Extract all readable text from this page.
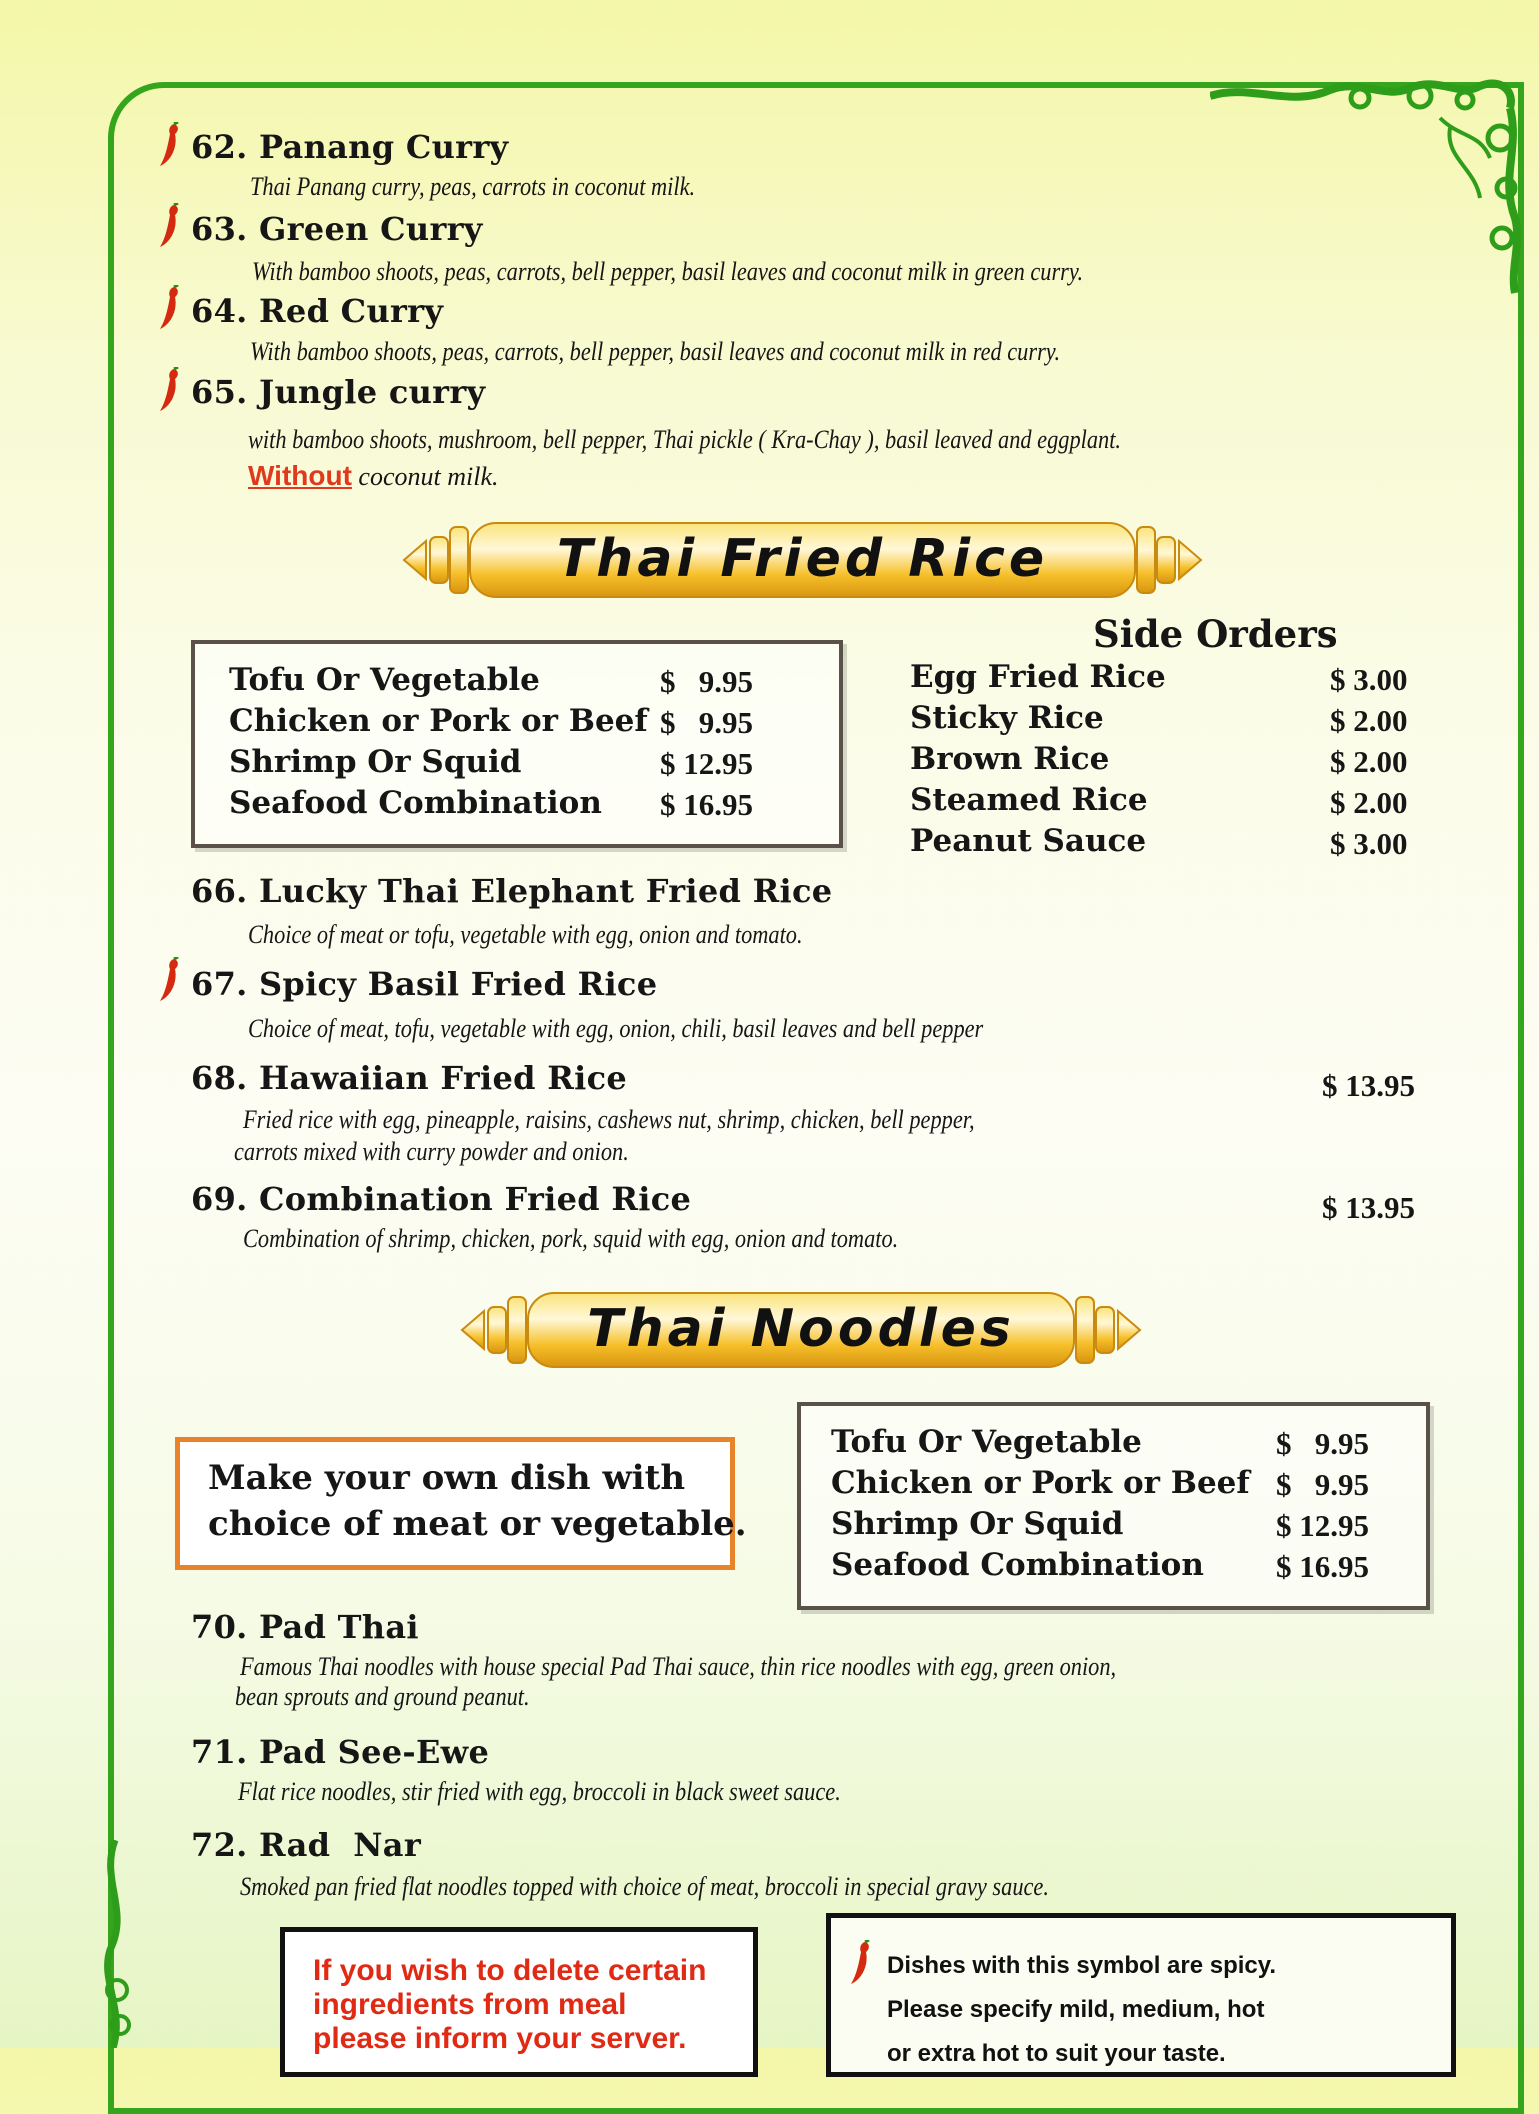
62. Panang Curry
Thai Panang curry, peas, carrots in coconut milk.
63. Green Curry
With bamboo shoots, peas, carrots, bell pepper, basil leaves and coconut milk in green curry.
64. Red Curry
With bamboo shoots, peas, carrots, bell pepper, basil leaves and coconut milk in red curry.
65. Jungle curry
with bamboo shoots, mushroom, bell pepper, Thai pickle ( Kra-Chay ), basil leaved and eggplant.
Without coconut milk.
Thai Fried Rice
Tofu Or Vegetable	$   9.95
Chicken or Pork or Beef $   9.95
Shrimp Or Squid	$ 12.95
Seafood Combination $ 16.95
Side Orders
Egg Fried Rice	$ 3.00
Sticky Rice	$ 2.00
Brown Rice	$ 2.00
Steamed Rice	$ 2.00
Peanut Sauce	$ 3.00
66. Lucky Thai Elephant Fried Rice
Choice of meat or tofu, vegetable with egg, onion and tomato.
67. Spicy Basil Fried Rice
Choice of meat, tofu, vegetable with egg, onion, chili, basil leaves and bell pepper
68. Hawaiian Fried Rice	$ 13.95
Fried rice with egg, pineapple, raisins, cashews nut, shrimp, chicken, bell pepper,
carrots mixed with curry powder and onion.
69. Combination Fried Rice	$ 13.95
Combination of shrimp, chicken, pork, squid with egg, onion and tomato.
Thai Noodles
Make your own dish with
choice of meat or vegetable.
Tofu Or Vegetable	$   9.95
Chicken or Pork or Beef $   9.95
Shrimp Or Squid	$ 12.95
Seafood Combination $ 16.95
70. Pad Thai
Famous Thai noodles with house special Pad Thai sauce, thin rice noodles with egg, green onion,
bean sprouts and ground peanut.
71. Pad See-Ewe
Flat rice noodles, stir fried with egg, broccoli in black sweet sauce.
72. Rad  Nar
Smoked pan fried flat noodles topped with choice of meat, broccoli in special gravy sauce.
If you wish to delete certain
ingredients from meal
please inform your server.
Dishes with this symbol are spicy.
Please specify mild, medium, hot
or extra hot to suit your taste.
